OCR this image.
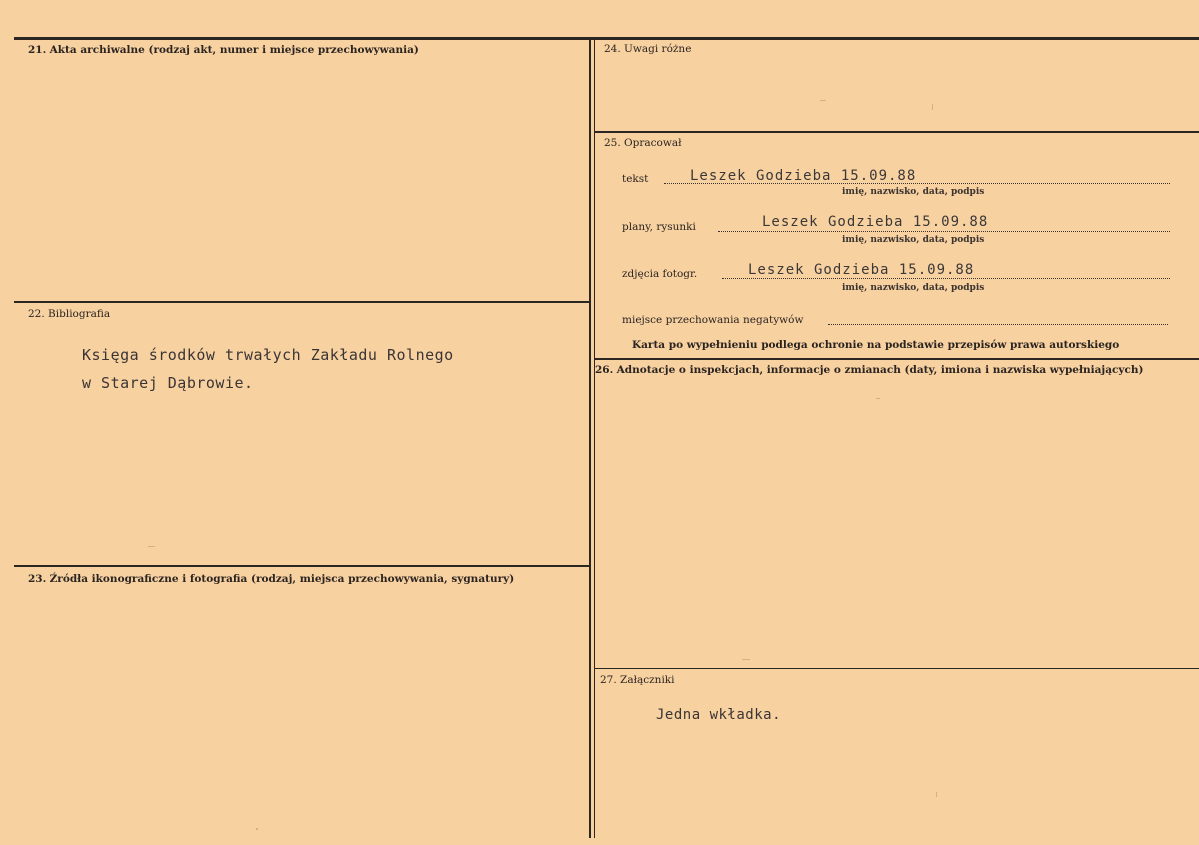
21. Akta archiwalne (rodzaj akt, numer i miejsce przechowywania)
22. Bibliografia
Księga środków trwałych Zakładu Rolnego
w Starej Dąbrowie.
23. Źródła ikonograficzne i fotografia (rodzaj, miejsca przechowywania, sygnatury)
24. Uwagi różne
25. Opracował
tekst	Leszek Godzieba 15.09.88
imię, nazwisko, data, podpis
plany, rysunki	Leszek Godzieba 15.09.88
imię, nazwisko, data, podpis
zdjęcia fotogr.	Leszek Godzieba 15.09.88
imię, nazwisko, data, podpis
miejsce przechowania negatywów
Karta po wypełnieniu podlega ochronie na podstawie przepisów prawa autorskiego
26. Adnotacje o inspekcjach, informacje o zmianach (daty, imiona i nazwiska wypełniających)
27. Załączniki
Jedna wkładka.
